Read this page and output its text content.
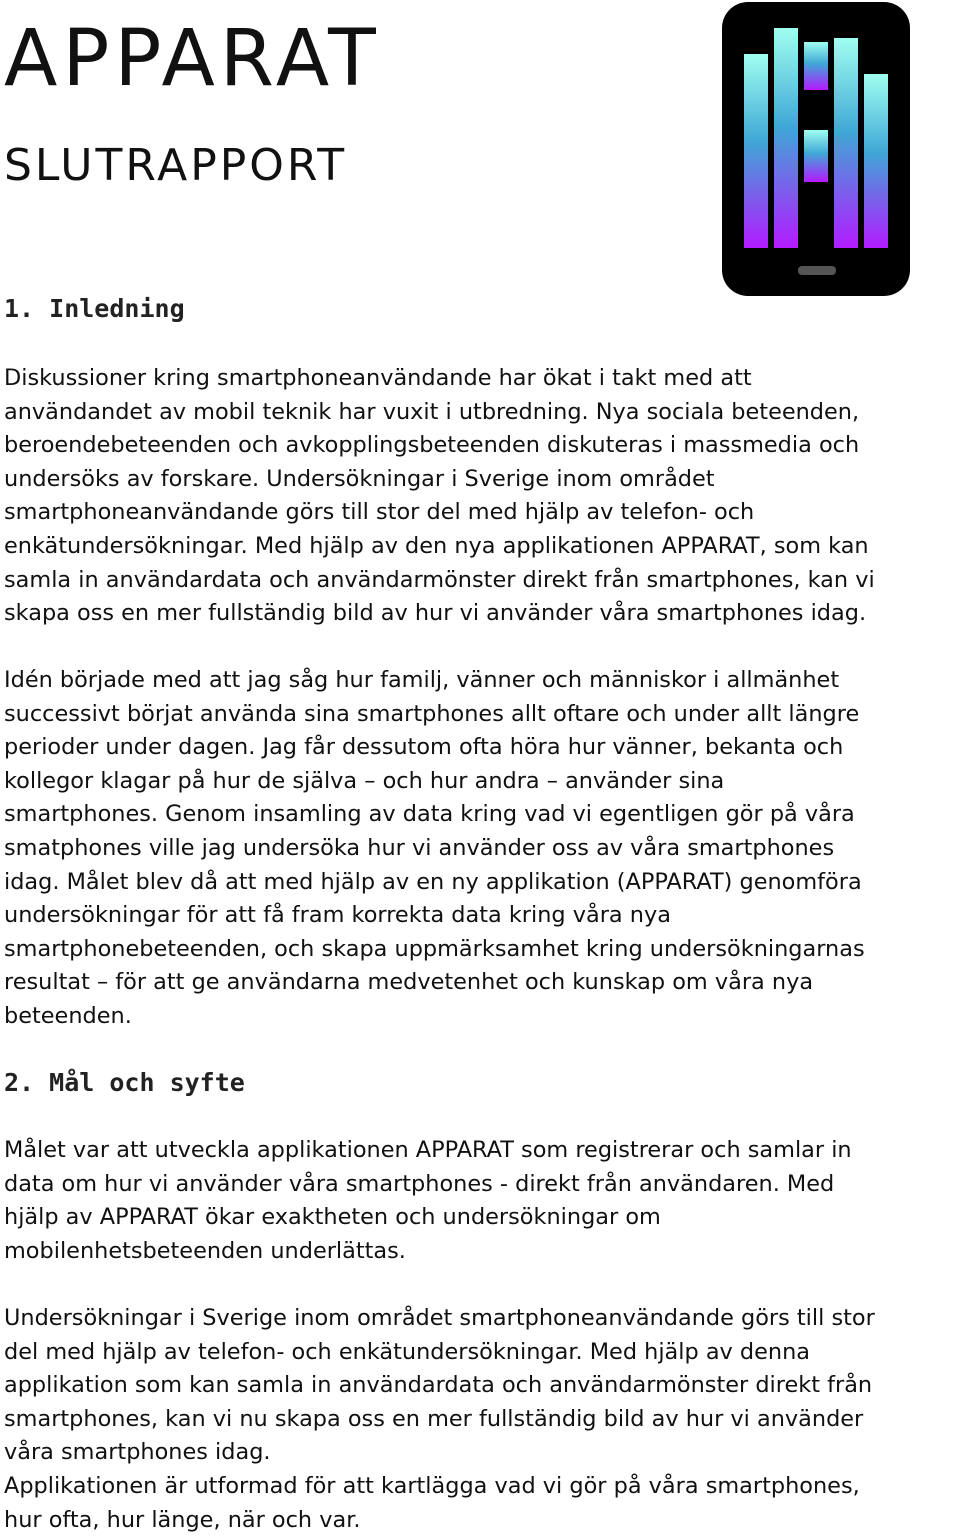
APPARAT
SLUTRAPPORT
1. Inledning

Diskussioner kring smartphoneanvändande har ökat i takt med att
användandet av mobil teknik har vuxit i utbredning. Nya sociala beteenden,
beroendebeteenden och avkopplingsbeteenden diskuteras i massmedia och
undersöks av forskare. Undersökningar i Sverige inom området
smartphoneanvändande görs till stor del med hjälp av telefon- och
enkätundersökningar. Med hjälp av den nya applikationen APPARAT, som kan
samla in användardata och användarmönster direkt från smartphones, kan vi
skapa oss en mer fullständig bild av hur vi använder våra smartphones idag.

Idén började med att jag såg hur familj, vänner och människor i allmänhet
successivt börjat använda sina smartphones allt oftare och under allt längre
perioder under dagen. Jag får dessutom ofta höra hur vänner, bekanta och
kollegor klagar på hur de själva – och hur andra – använder sina
smartphones. Genom insamling av data kring vad vi egentligen gör på våra
smatphones ville jag undersöka hur vi använder oss av våra smartphones
idag. Målet blev då att med hjälp av en ny applikation (APPARAT) genomföra
undersökningar för att få fram korrekta data kring våra nya
smartphonebeteenden, och skapa uppmärksamhet kring undersökningarnas
resultat – för att ge användarna medvetenhet och kunskap om våra nya
beteenden.

2. Mål och syfte

Målet var att utveckla applikationen APPARAT som registrerar och samlar in
data om hur vi använder våra smartphones - direkt från användaren. Med
hjälp av APPARAT ökar exaktheten och undersökningar om
mobilenhetsbeteenden underlättas.

Undersökningar i Sverige inom området smartphoneanvändande görs till stor
del med hjälp av telefon- och enkätundersökningar. Med hjälp av denna
applikation som kan samla in användardata och användarmönster direkt från
smartphones, kan vi nu skapa oss en mer fullständig bild av hur vi använder
våra smartphones idag.
Applikationen är utformad för att kartlägga vad vi gör på våra smartphones,
hur ofta, hur länge, när och var.
